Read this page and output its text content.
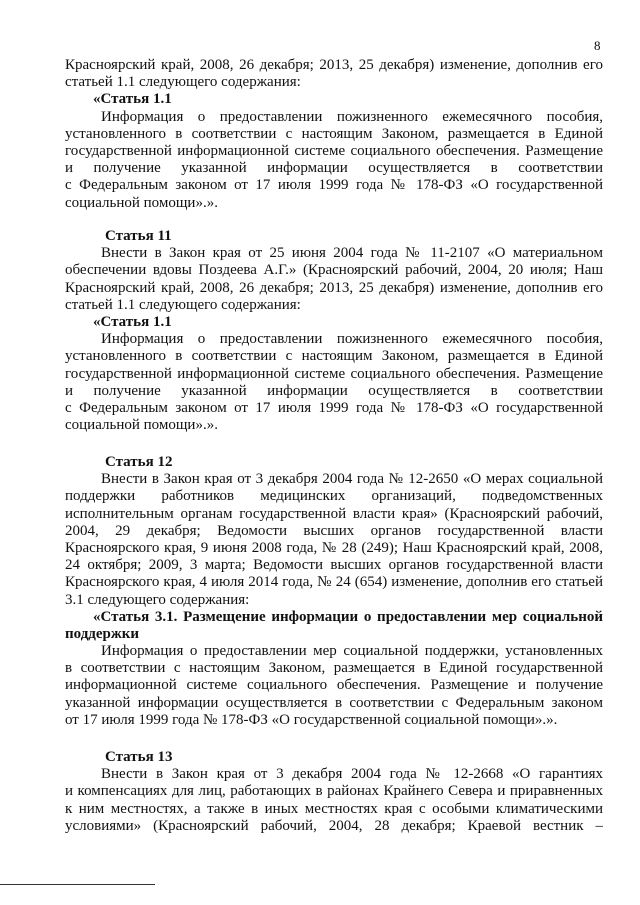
8
Красноярский край, 2008, 26 декабря; 2013, 25 декабря) изменение, дополнив его
статьей 1.1 следующего содержания:
«Статья 1.1
Информация о предоставлении пожизненного ежемесячного пособия,
установленного в соответствии с настоящим Законом, размещается в Единой
государственной информационной системе социального обеспечения. Размещение
и получение указанной информации осуществляется в соответствии
с Федеральным законом от 17 июля 1999 года № 178-ФЗ «О государственной
социальной помощи».».
Статья 11
Внести в Закон края от 25 июня 2004 года № 11-2107 «О материальном
обеспечении вдовы Поздеева А.Г.» (Красноярский рабочий, 2004, 20 июля; Наш
Красноярский край, 2008, 26 декабря; 2013, 25 декабря) изменение, дополнив его
статьей 1.1 следующего содержания:
«Статья 1.1
Информация о предоставлении пожизненного ежемесячного пособия,
установленного в соответствии с настоящим Законом, размещается в Единой
государственной информационной системе социального обеспечения. Размещение
и получение указанной информации осуществляется в соответствии
с Федеральным законом от 17 июля 1999 года № 178-ФЗ «О государственной
социальной помощи».».
Статья 12
Внести в Закон края от 3 декабря 2004 года № 12-2650 «О мерах социальной
поддержки работников медицинских организаций, подведомственных
исполнительным органам государственной власти края» (Красноярский рабочий,
2004, 29 декабря; Ведомости высших органов государственной власти
Красноярского края, 9 июня 2008 года, № 28 (249); Наш Красноярский край, 2008,
24 октября; 2009, 3 марта; Ведомости высших органов государственной власти
Красноярского края, 4 июля 2014 года, № 24 (654) изменение, дополнив его статьей
3.1 следующего содержания:
«Статья 3.1. Размещение информации о предоставлении мер социальной
поддержки
Информация о предоставлении мер социальной поддержки, установленных
в соответствии с настоящим Законом, размещается в Единой государственной
информационной системе социального обеспечения. Размещение и получение
указанной информации осуществляется в соответствии с Федеральным законом
от 17 июля 1999 года № 178-ФЗ «О государственной социальной помощи».».
Статья 13
Внести в Закон края от 3 декабря 2004 года № 12-2668 «О гарантиях
и компенсациях для лиц, работающих в районах Крайнего Севера и приравненных
к ним местностях, а также в иных местностях края с особыми климатическими
условиями» (Красноярский рабочий, 2004, 28 декабря; Краевой вестник –
